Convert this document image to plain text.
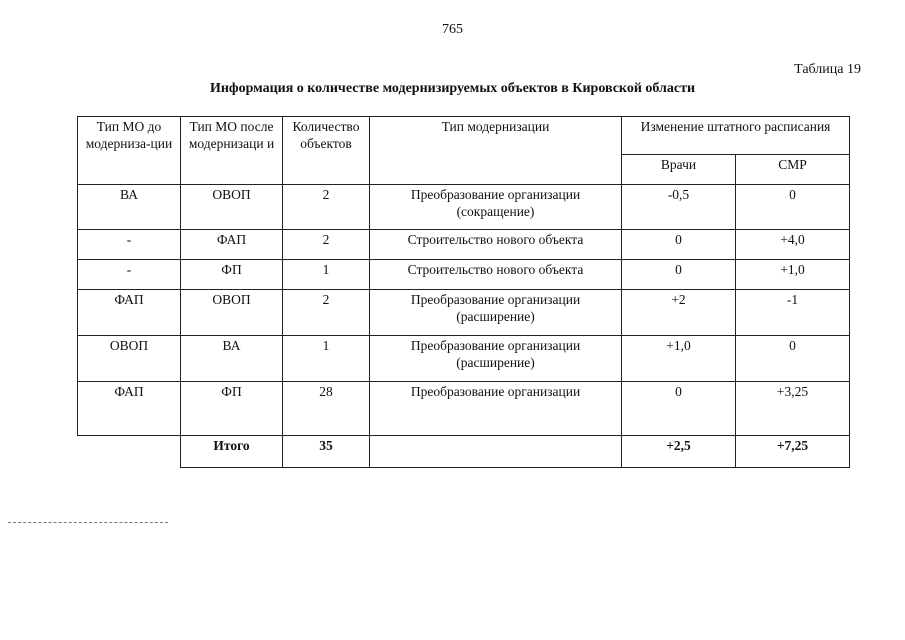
765
Таблица 19
Информация о количестве модернизируемых объектов в Кировской области
Тип МО до модерниза-ции	Тип МО после модернизаци и	Количество объектов	Тип модернизации	Изменение штатного расписания	
				Врачи	СМР
ВА	ОВОП	2	Преобразование организации (сокращение)	-0,5	0
-	ФАП	2	Строительство нового объекта	0	+4,0
-	ФП	1	Строительство нового объекта	0	+1,0
ФАП	ОВОП	2	Преобразование организации (расширение)	+2	-1
ОВОП	ВА	1	Преобразование организации (расширение)	+1,0	0
ФАП	ФП	28	Преобразование организации	0	+3,25
	Итого	35		+2,5	+7,25
